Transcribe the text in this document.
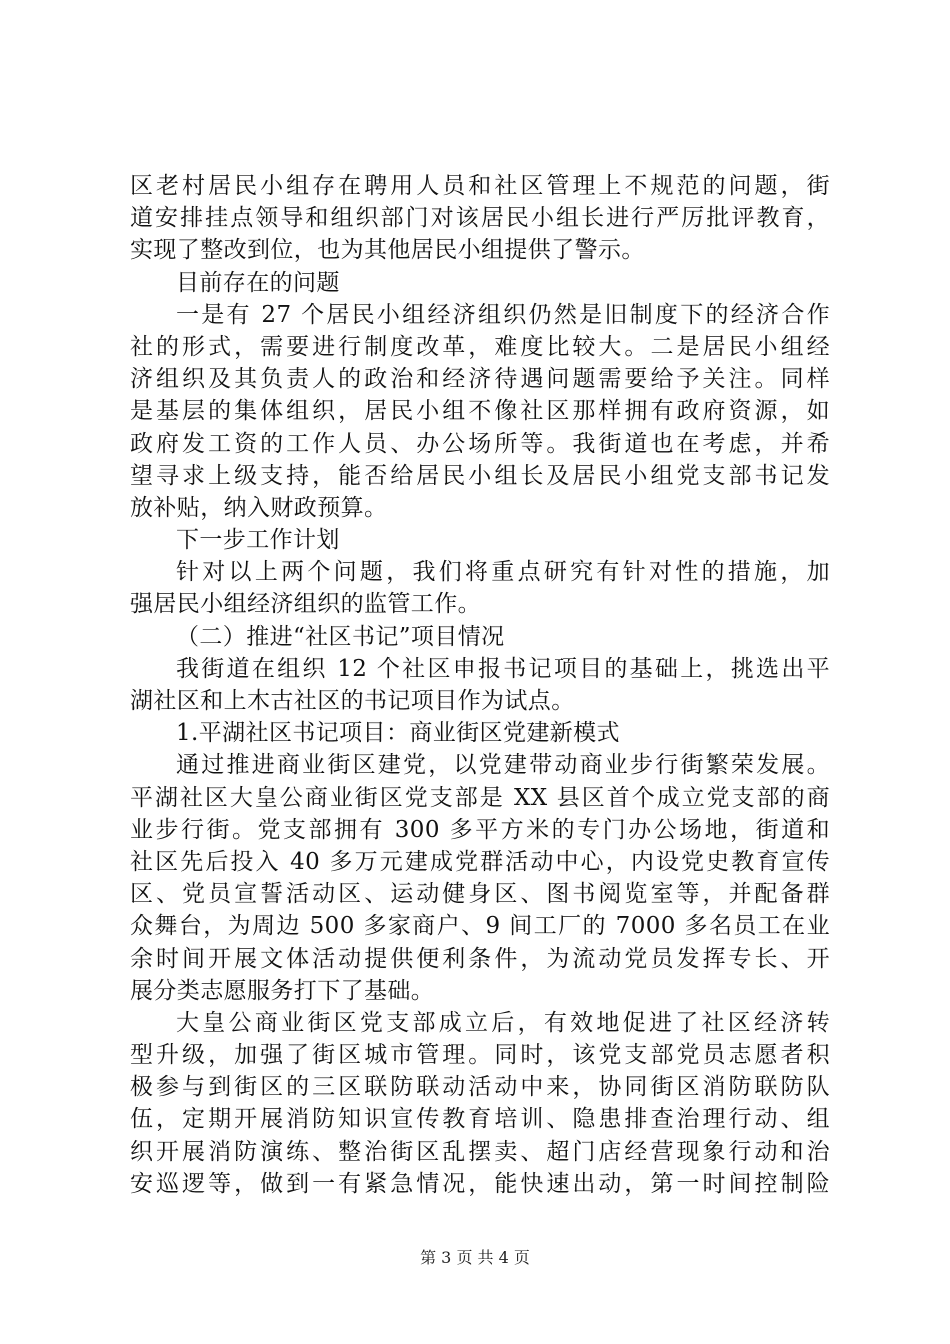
区老村居民小组存在聘用人员和社区管理上不规范的问题，街
道安排挂点领导和组织部门对该居民小组长进行严厉批评教育，
实现了整改到位，也为其他居民小组提供了警示。
目前存在的问题
一是有 27 个居民小组经济组织仍然是旧制度下的经济合作
社的形式，需要进行制度改革，难度比较大。二是居民小组经
济组织及其负责人的政治和经济待遇问题需要给予关注。同样
是基层的集体组织，居民小组不像社区那样拥有政府资源，如
政府发工资的工作人员、办公场所等。我街道也在考虑，并希
望寻求上级支持，能否给居民小组长及居民小组党支部书记发
放补贴，纳入财政预算。
下一步工作计划
针对以上两个问题，我们将重点研究有针对性的措施，加
强居民小组经济组织的监管工作。
（二）推进“社区书记”项目情况
我街道在组织 12 个社区申报书记项目的基础上，挑选出平
湖社区和上木古社区的书记项目作为试点。
1.平湖社区书记项目：商业街区党建新模式
通过推进商业街区建党，以党建带动商业步行街繁荣发展。
平湖社区大皇公商业街区党支部是 XX 县区首个成立党支部的商
业步行街。党支部拥有 300 多平方米的专门办公场地，街道和
社区先后投入 40 多万元建成党群活动中心，内设党史教育宣传
区、党员宣誓活动区、运动健身区、图书阅览室等，并配备群
众舞台，为周边 500 多家商户、9 间工厂的 7000 多名员工在业
余时间开展文体活动提供便利条件，为流动党员发挥专长、开
展分类志愿服务打下了基础。
大皇公商业街区党支部成立后，有效地促进了社区经济转
型升级，加强了街区城市管理。同时，该党支部党员志愿者积
极参与到街区的三区联防联动活动中来，协同街区消防联防队
伍，定期开展消防知识宣传教育培训、隐患排查治理行动、组
织开展消防演练、整治街区乱摆卖、超门店经营现象行动和治
安巡逻等，做到一有紧急情况，能快速出动，第一时间控制险
第 3 页 共 4 页
